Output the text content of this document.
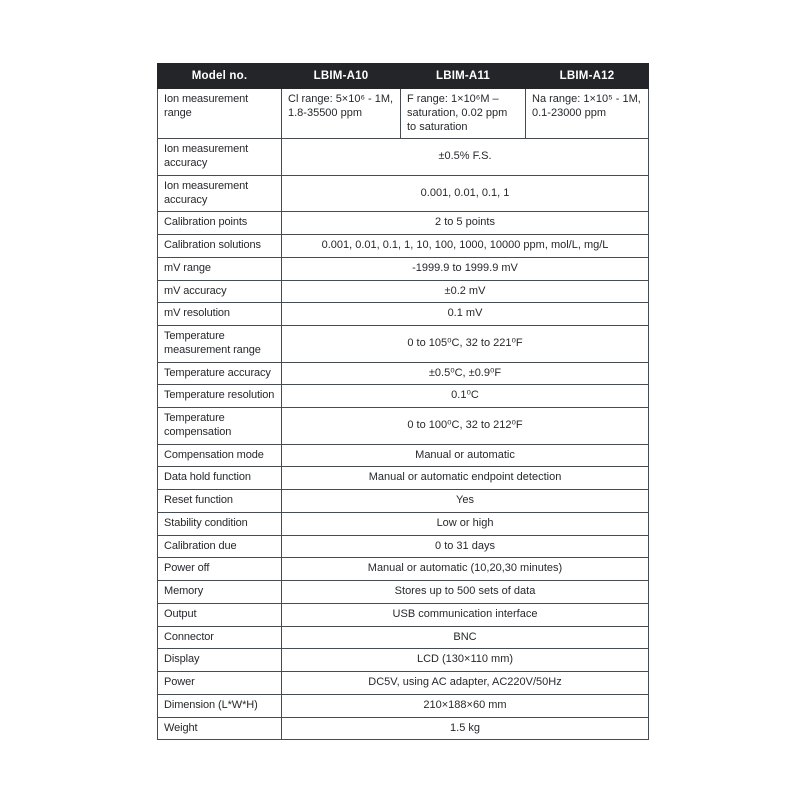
Model no.	LBIM-A10	LBIM-A11	LBIM-A12
Ion measurement range	Cl range: 5×10⁶ - 1M, 1.8-35500 ppm	F range: 1×10⁶M – saturation, 0.02 ppm to saturation	Na range: 1×10⁵ - 1M, 0.1-23000 ppm
Ion measurement accuracy	±0.5% F.S.		
Ion measurement accuracy	0.001, 0.01, 0.1, 1		
Calibration points	2 to 5 points		
Calibration solutions	0.001, 0.01, 0.1, 1, 10, 100, 1000, 10000 ppm, mol/L, mg/L		
mV range	-1999.9 to 1999.9 mV		
mV accuracy	±0.2 mV		
mV resolution	0.1 mV		
Temperature measurement range	0 to 105⁰C, 32 to 221⁰F		
Temperature accuracy	±0.5⁰C, ±0.9⁰F		
Temperature resolution	0.1⁰C		
Temperature compensation	0 to 100⁰C, 32 to 212⁰F		
Compensation mode	Manual or automatic		
Data hold function	Manual or automatic endpoint detection		
Reset function	Yes		
Stability condition	Low or high		
Calibration due	0 to 31 days		
Power off	Manual or automatic (10,20,30 minutes)		
Memory	Stores up to 500 sets of data		
Output	USB communication interface		
Connector	BNC		
Display	LCD (130×110 mm)		
Power	DC5V, using AC adapter, AC220V/50Hz		
Dimension (L*W*H)	210×188×60 mm		
Weight	1.5 kg		
